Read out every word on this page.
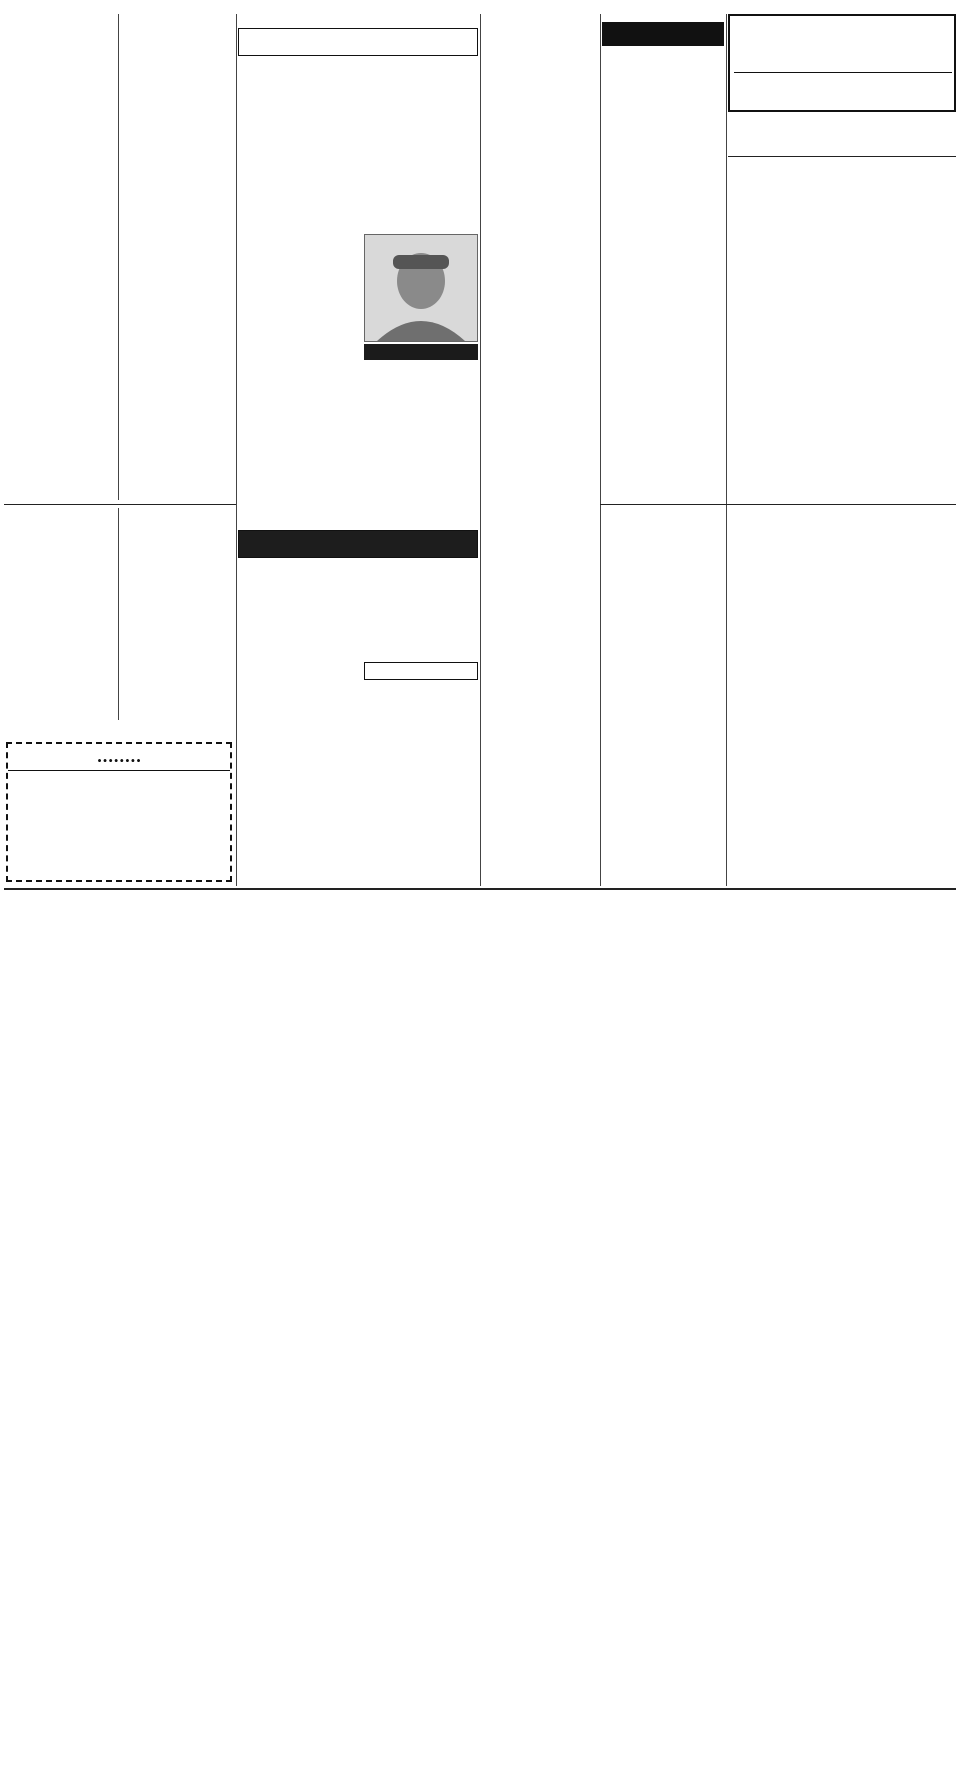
........
